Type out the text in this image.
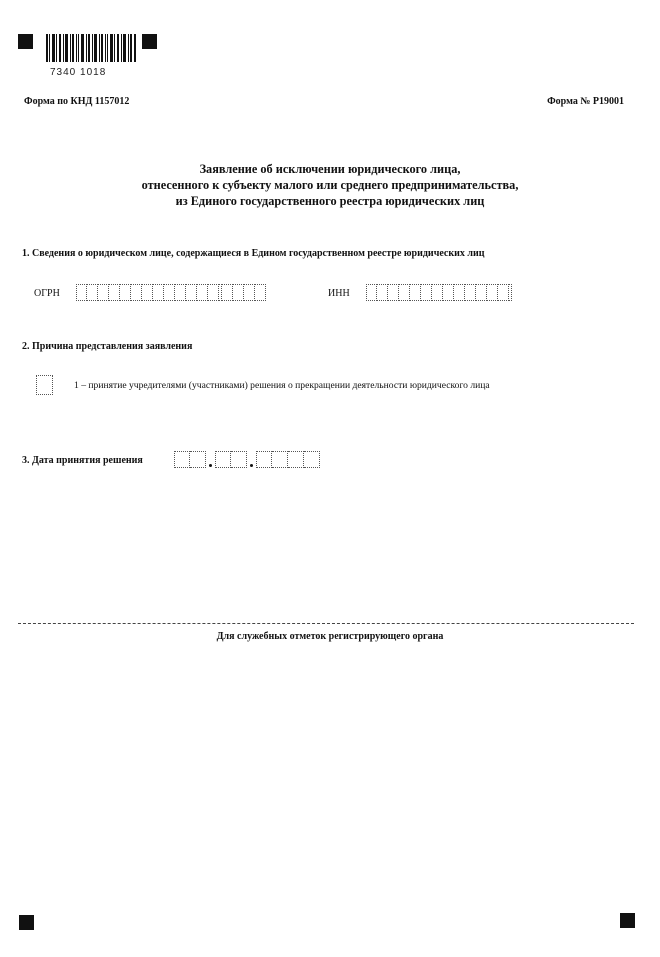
7340 1018
Форма по КНД 1157012	Форма № Р19001
Заявление об исключении юридического лица,
отнесенного к субъекту малого или среднего предпринимательства,
из Единого государственного реестра юридических лиц
1. Сведения о юридическом лице, содержащиеся в Едином государственном реестре юридических лиц
ОГРН	ИНН
2. Причина представления заявления
1 – принятие учредителями (участниками) решения о прекращении деятельности юридического лица
3. Дата принятия решения
Для служебных отметок регистрирующего органа
